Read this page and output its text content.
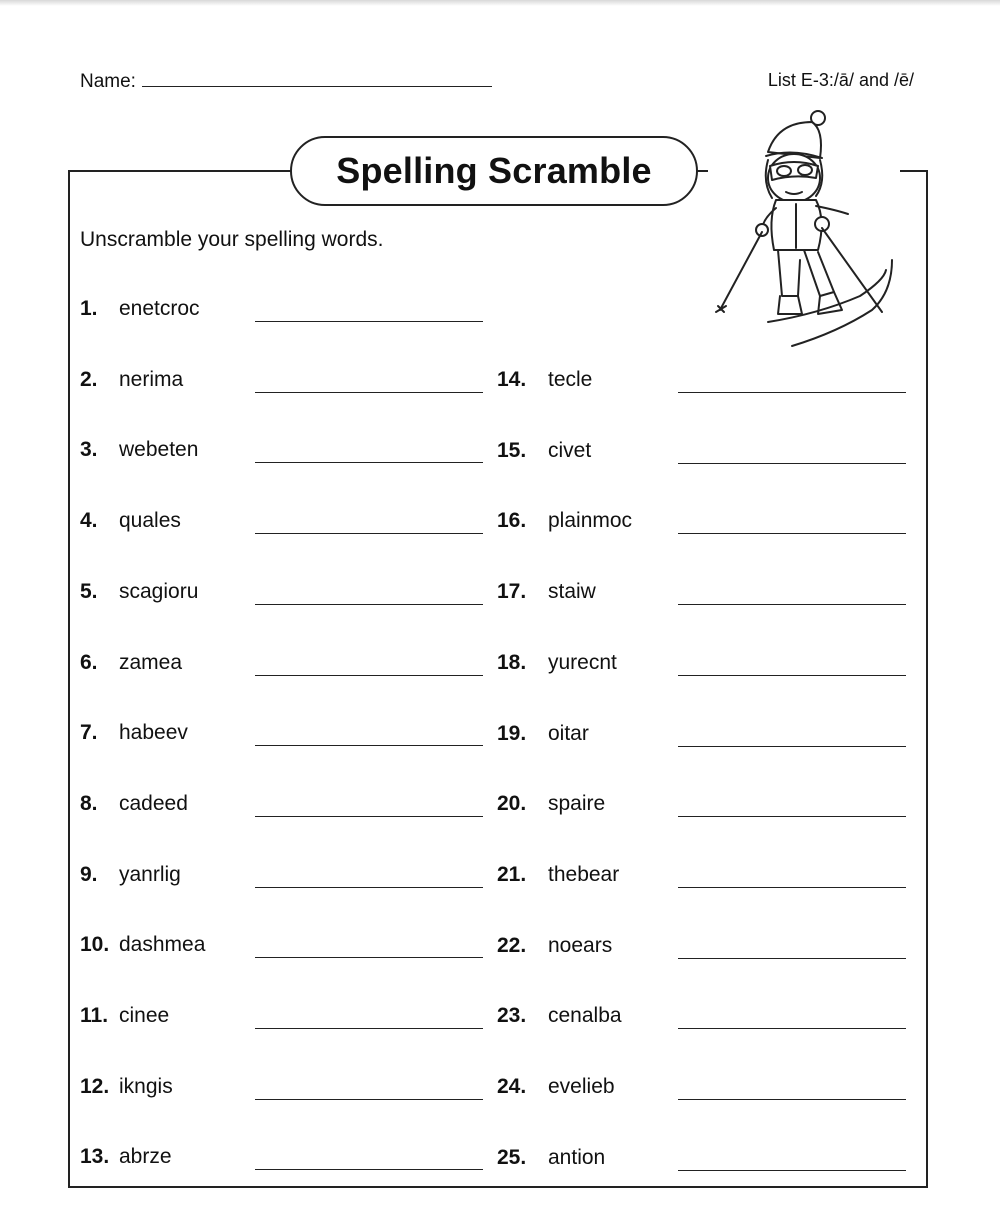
Name:	List E-3:/ā/ and /ē/
Spelling Scramble
Unscramble your spelling words.
1.	enetcroc
2.	nerima
3.	webeten
4.	quales
5.	scagioru
6.	zamea
7.	habeev
8.	cadeed
9.	yanrlig
10. dashmea
11. cinee
12. ikngis
13. abrze
14.	tecle
15.	civet
16.	plainmoc
17.	staiw
18.	yurecnt
19.	oitar
20.	spaire
21.	thebear
22.	noears
23.	cenalba
24.	evelieb
25.	antion
